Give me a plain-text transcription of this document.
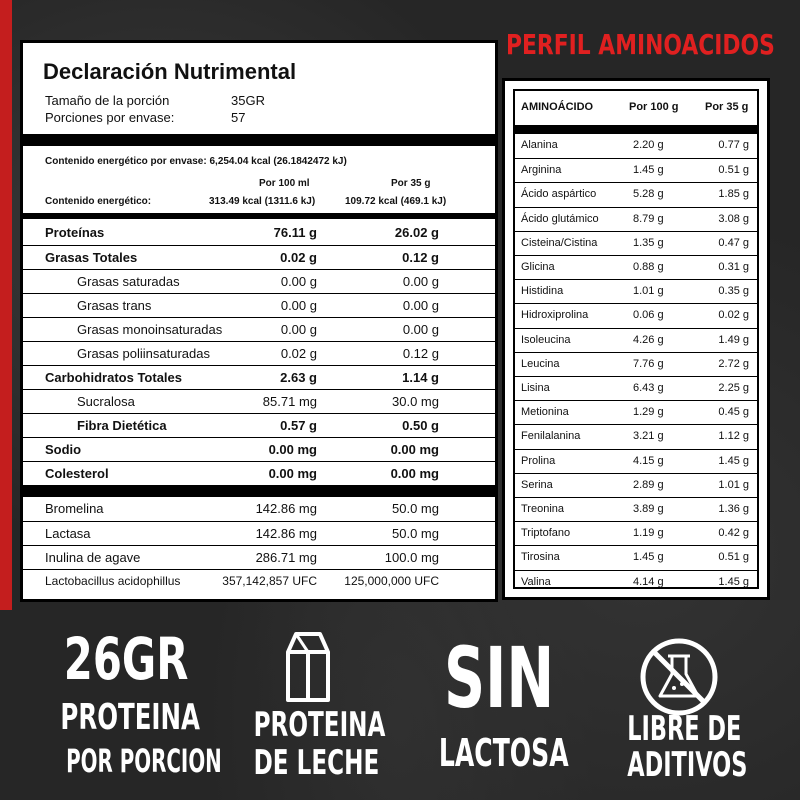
Declaración Nutrimental
Tamaño de la porción	35GR
Porciones por envase:	57
Contenido energético por envase: 6,254.04 kcal (26.1842472 kJ)
Por 100 ml	Por 35 g
Contenido energético:	313.49 kcal (1311.6 kJ)	109.72 kcal (469.1 kJ)
Proteínas	76.11 g	26.02 g
Grasas Totales	0.02 g	0.12 g
Grasas saturadas	0.00 g	0.00 g
Grasas trans	0.00 g	0.00 g
Grasas monoinsaturadas	0.00 g	0.00 g
Grasas poliinsaturadas	0.02 g	0.12 g
Carbohidratos Totales	2.63 g	1.14 g
Sucralosa	85.71 mg	30.0 mg
Fibra Dietética	0.57 g	0.50 g
Sodio	0.00 mg	0.00 mg
Colesterol	0.00 mg	0.00 mg
Bromelina	142.86 mg	50.0 mg
Lactasa	142.86 mg	50.0 mg
Inulina de agave	286.71 mg	100.0 mg
Lactobacillus acidophillus	357,142,857 UFC 125,000,000 UFC
PERFIL AMINOACIDOS
AMINOÁCIDO	Por 100 g Por 35 g
Alanina	2.20 g	0.77 g
Arginina	1.45 g	0.51 g
Ácido aspártico	5.28 g	1.85 g
Ácido glutámico	8.79 g	3.08 g
Cisteina/Cistina	1.35 g	0.47 g
Glicina	0.88 g	0.31 g
Histidina	1.01 g	0.35 g
Hidroxiprolina	0.06 g	0.02 g
Isoleucina	4.26 g	1.49 g
Leucina	7.76 g	2.72 g
Lisina	6.43 g	2.25 g
Metionina	1.29 g	0.45 g
Fenilalanina	3.21 g	1.12 g
Prolina	4.15 g	1.45 g
Serina	2.89 g	1.01 g
Treonina	3.89 g	1.36 g
Triptofano	1.19 g	0.42 g
Tirosina	1.45 g	0.51 g
Valina	4.14 g	1.45 g
26GR
PROTEINA
POR PORCION
PROTEINA
DE LECHE
SIN
LACTOSA
LIBRE DE
ADITIVOS
